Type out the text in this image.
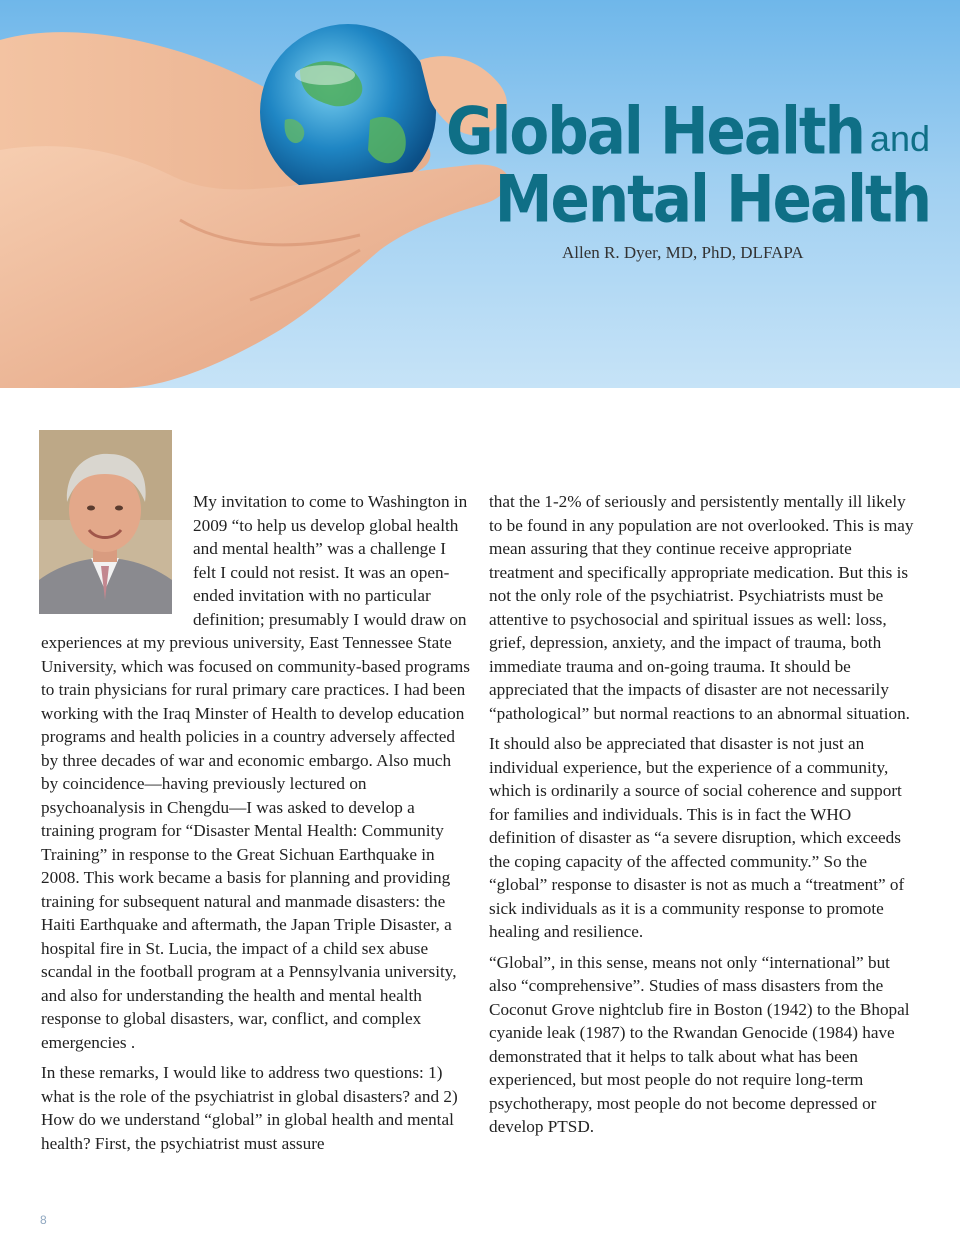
Global Health and
Mental Health
Allen R. Dyer, MD, PhD, DLFAPA

My invitation to come to Washington in 2009 “to help us develop global health and mental health” was a challenge I felt I could not resist. It was an open-ended invitation with no particular definition; presumably I would draw on experiences at my previous university, East Tennessee State University, which was focused on community-based programs to train physicians for rural primary care practices. I had been working with the Iraq Minster of Health to develop education programs and health policies in a country adversely affected by three decades of war and economic embargo. Also much by coincidence—having previously lectured on psychoanalysis in Chengdu—I was asked to develop a training program for “Disaster Mental Health: Community Training” in response to the Great Sichuan Earthquake in 2008. This work became a basis for planning and providing training for subsequent natural and manmade disasters: the Haiti Earthquake and aftermath, the Japan Triple Disaster, a hospital fire in St. Lucia, the impact of a child sex abuse scandal in the football program at a Pennsylvania university, and also for understanding the health and mental health response to global disasters, war, conflict, and complex emergencies .

In these remarks, I would like to address two questions: 1) what is the role of the psychiatrist in global disasters? and 2) How do we understand “global” in global health and mental health? First, the psychiatrist must assure

that the 1-2% of seriously and persistently mentally ill likely to be found in any population are not overlooked. This is may mean assuring that they continue receive appropriate treatment and specifically appropriate medication. But this is not the only role of the psychiatrist. Psychiatrists must be attentive to psychosocial and spiritual issues as well: loss, grief, depression, anxiety, and the impact of trauma, both immediate trauma and on-going trauma. It should be appreciated that the impacts of disaster are not necessarily “pathological” but normal reactions to an abnormal situation.

It should also be appreciated that disaster is not just an individual experience, but the experience of a community, which is ordinarily a source of social coherence and support for families and individuals. This is in fact the WHO definition of disaster as “a severe disruption, which exceeds the coping capacity of the affected community.” So the “global” response to disaster is not as much a “treatment” of sick individuals as it is a community response to promote healing and resilience.

“Global”, in this sense, means not only “international” but also “comprehensive”. Studies of mass disasters from the Coconut Grove nightclub fire in Boston (1942) to the Bhopal cyanide leak (1987) to the Rwandan Genocide (1984) have demonstrated that it helps to talk about what has been experienced, but most people do not require long-term psychotherapy, most people do not become depressed or develop PTSD.

8
